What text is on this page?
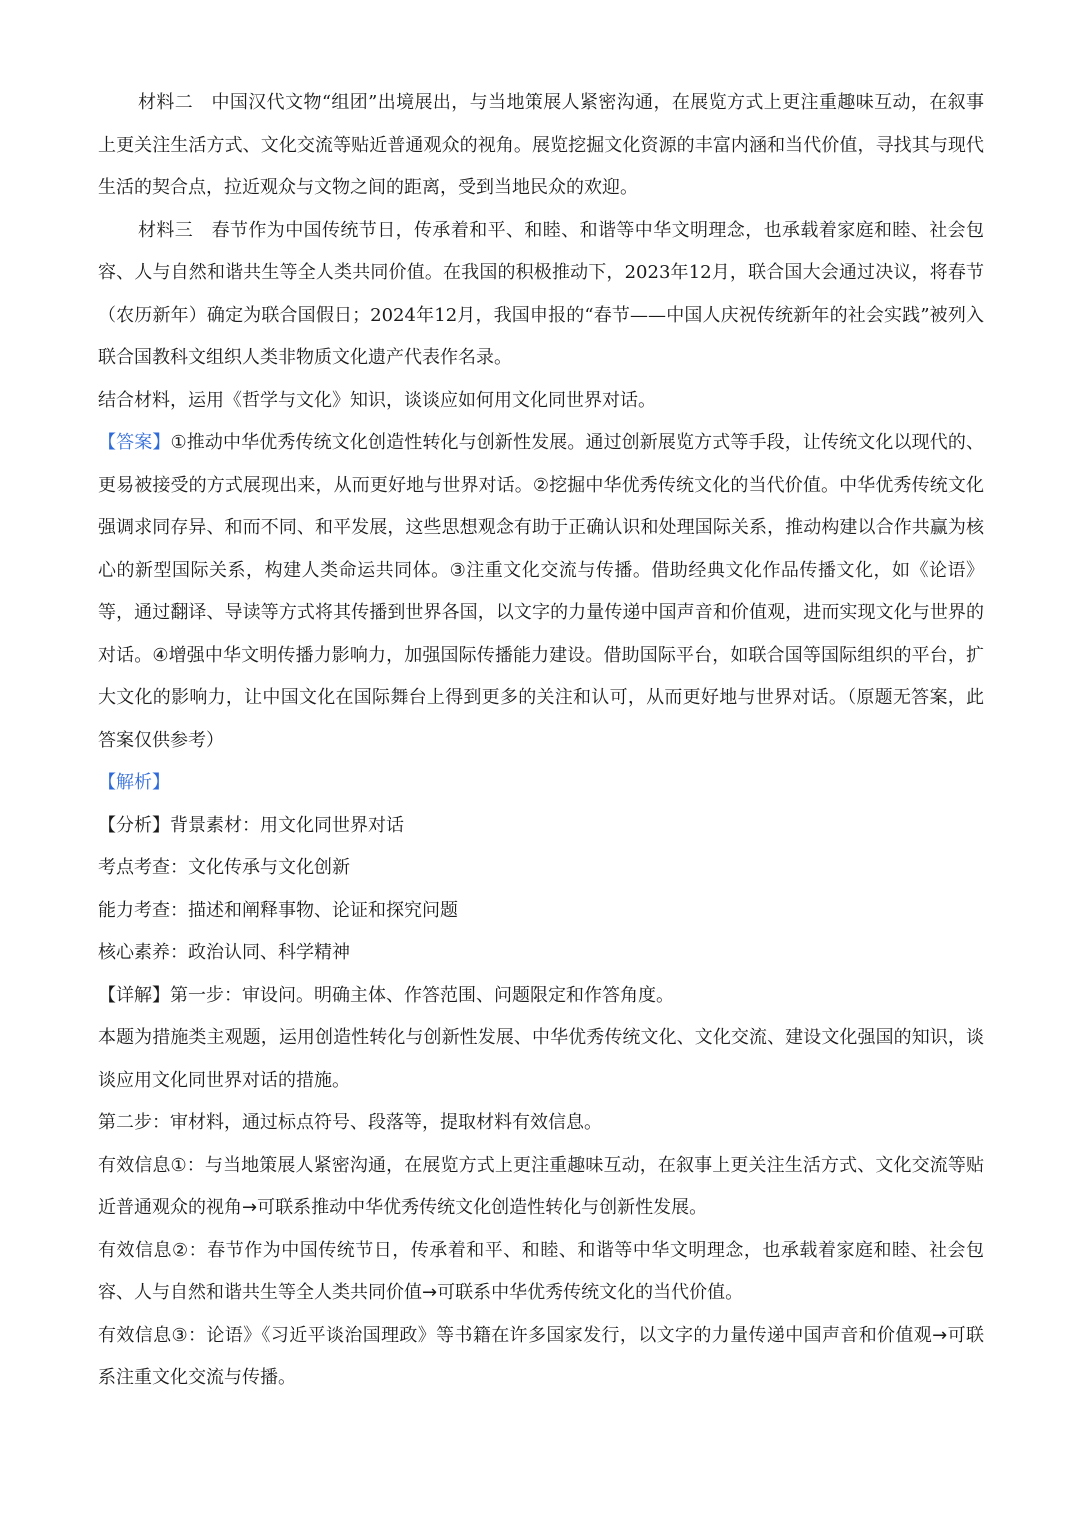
材料二  中国汉代文物“组团”出境展出，与当地策展人紧密沟通，在展览方式上更注重趣味互动，在叙事上更关注生活方式、文化交流等贴近普通观众的视角。展览挖掘文化资源的丰富内涵和当代价值，寻找其与现代生活的契合点，拉近观众与文物之间的距离，受到当地民众的欢迎。

材料三  春节作为中国传统节日，传承着和平、和睦、和谐等中华文明理念，也承载着家庭和睦、社会包容、人与自然和谐共生等全人类共同价值。在我国的积极推动下，2023年12月，联合国大会通过决议，将春节（农历新年）确定为联合国假日；2024年12月，我国申报的“春节——中国人庆祝传统新年的社会实践”被列入联合国教科文组织人类非物质文化遗产代表作名录。

结合材料，运用《哲学与文化》知识，谈谈应如何用文化同世界对话。

【答案】①推动中华优秀传统文化创造性转化与创新性发展。通过创新展览方式等手段，让传统文化以现代的、更易被接受的方式展现出来，从而更好地与世界对话。②挖掘中华优秀传统文化的当代价值。中华优秀传统文化强调求同存异、和而不同、和平发展，这些思想观念有助于正确认识和处理国际关系，推动构建以合作共赢为核心的新型国际关系，构建人类命运共同体。③注重文化交流与传播。借助经典文化作品传播文化，如《论语》等，通过翻译、导读等方式将其传播到世界各国，以文字的力量传递中国声音和价值观，进而实现文化与世界的对话。④增强中华文明传播力影响力，加强国际传播能力建设。借助国际平台，如联合国等国际组织的平台，扩大文化的影响力，让中国文化在国际舞台上得到更多的关注和认可，从而更好地与世界对话。（原题无答案，此答案仅供参考）

【解析】

【分析】背景素材：用文化同世界对话

考点考查：文化传承与文化创新

能力考查：描述和阐释事物、论证和探究问题

核心素养：政治认同、科学精神

【详解】第一步：审设问。明确主体、作答范围、问题限定和作答角度。

本题为措施类主观题，运用创造性转化与创新性发展、中华优秀传统文化、文化交流、建设文化强国的知识，谈谈应用文化同世界对话的措施。

第二步：审材料，通过标点符号、段落等，提取材料有效信息。

有效信息①：与当地策展人紧密沟通，在展览方式上更注重趣味互动，在叙事上更关注生活方式、文化交流等贴近普通观众的视角→可联系推动中华优秀传统文化创造性转化与创新性发展。

有效信息②：春节作为中国传统节日，传承着和平、和睦、和谐等中华文明理念，也承载着家庭和睦、社会包容、人与自然和谐共生等全人类共同价值→可联系中华优秀传统文化的当代价值。

有效信息③：论语》《习近平谈治国理政》等书籍在许多国家发行，以文字的力量传递中国声音和价值观→可联系注重文化交流与传播。
